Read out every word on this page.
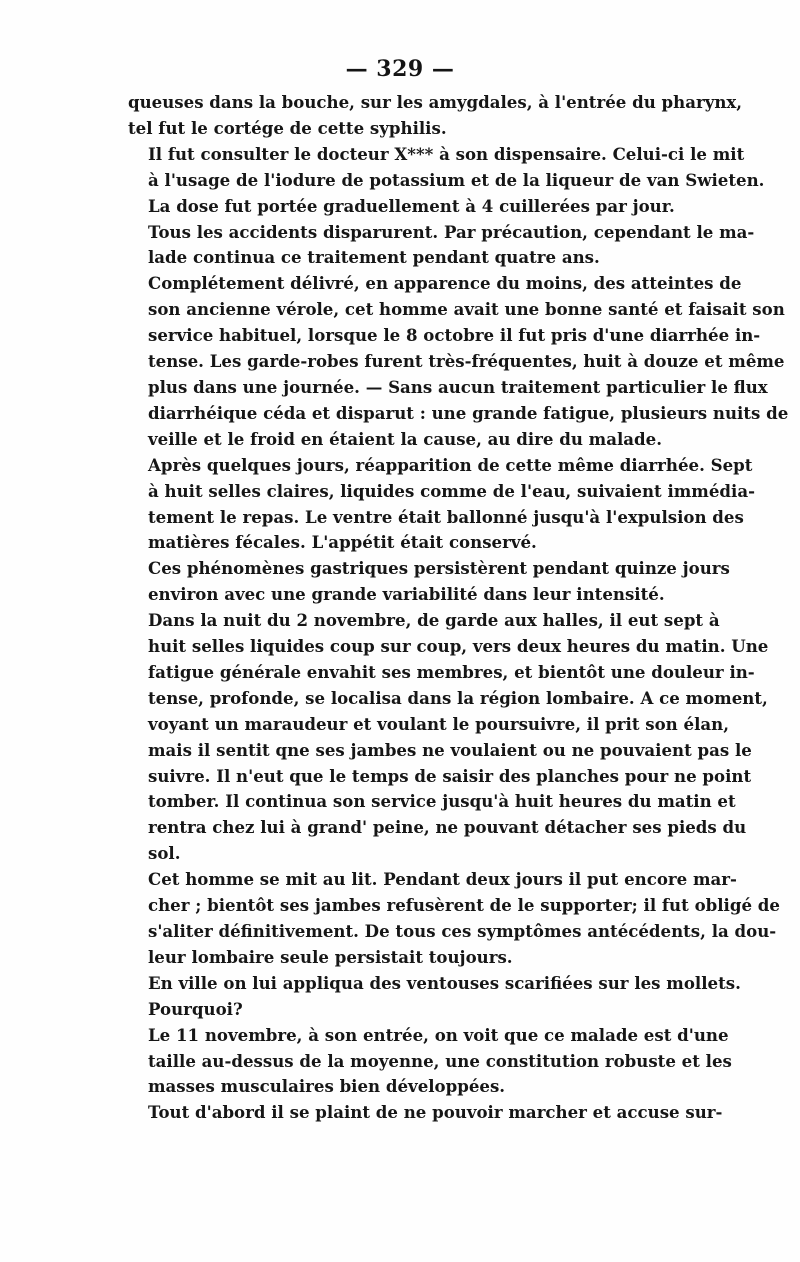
— 329 —

queuses dans la bouche, sur les amygdales, à l'entrée du pharynx,
tel fut le cortége de cette syphilis.

Il fut consulter le docteur X*** à son dispensaire. Celui-ci le mit
à l'usage de l'iodure de potassium et de la liqueur de van Swieten.
La dose fut portée graduellement à 4 cuillerées par jour.

Tous les accidents disparurent. Par précaution, cependant le ma-
lade continua ce traitement pendant quatre ans.

Complétement délivré, en apparence du moins, des atteintes de
son ancienne vérole, cet homme avait une bonne santé et faisait son
service habituel, lorsque le 8 octobre il fut pris d'une diarrhée in-
tense. Les garde-robes furent très-fréquentes, huit à douze et même
plus dans une journée. — Sans aucun traitement particulier le flux
diarrhéique céda et disparut : une grande fatigue, plusieurs nuits de
veille et le froid en étaient la cause, au dire du malade.

Après quelques jours, réapparition de cette même diarrhée. Sept
à huit selles claires, liquides comme de l'eau, suivaient immédia-
tement le repas. Le ventre était ballonné jusqu'à l'expulsion des
matières fécales. L'appétit était conservé.

Ces phénomènes gastriques persistèrent pendant quinze jours
environ avec une grande variabilité dans leur intensité.

Dans la nuit du 2 novembre, de garde aux halles, il eut sept à
huit selles liquides coup sur coup, vers deux heures du matin. Une
fatigue générale envahit ses membres, et bientôt une douleur in-
tense, profonde, se localisa dans la région lombaire. A ce moment,
voyant un maraudeur et voulant le poursuivre, il prit son élan,
mais il sentit qne ses jambes ne voulaient ou ne pouvaient pas le
suivre. Il n'eut que le temps de saisir des planches pour ne point
tomber. Il continua son service jusqu'à huit heures du matin et
rentra chez lui à grand' peine, ne pouvant détacher ses pieds du
sol.

Cet homme se mit au lit. Pendant deux jours il put encore mar-
cher ; bientôt ses jambes refusèrent de le supporter; il fut obligé de
s'aliter définitivement. De tous ces symptômes antécédents, la dou-
leur lombaire seule persistait toujours.

En ville on lui appliqua des ventouses scarifiées sur les mollets.
Pourquoi?

Le 11 novembre, à son entrée, on voit que ce malade est d'une
taille au-dessus de la moyenne, une constitution robuste et les
masses musculaires bien développées.

Tout d'abord il se plaint de ne pouvoir marcher et accuse sur-
